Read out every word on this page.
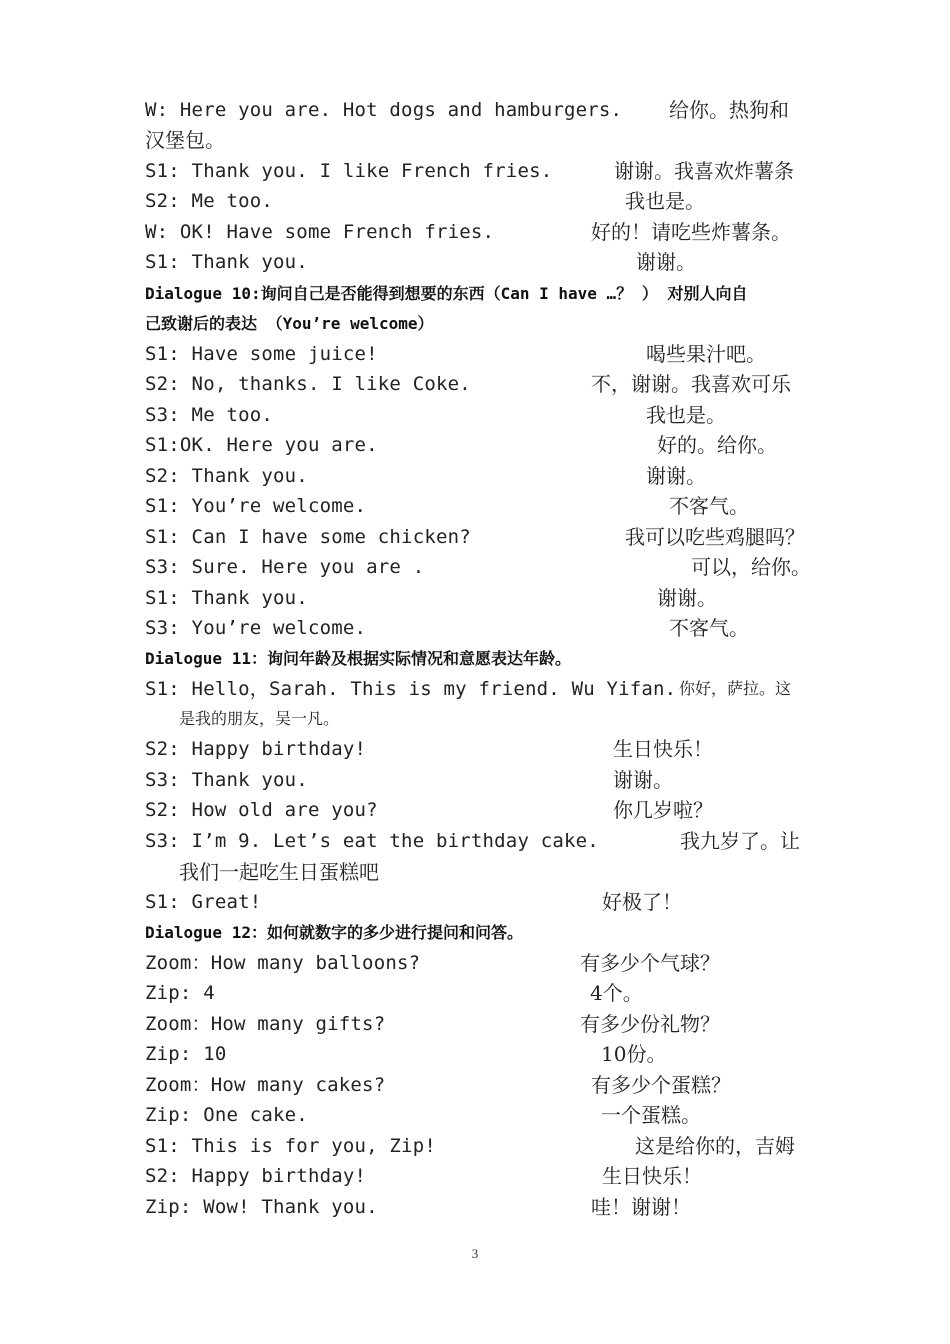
W: Here you are. Hot dogs and hamburgers. 给你。热狗和
汉堡包。
S1: Thank you. I like French fries.	谢谢。我喜欢炸薯条
S2: Me too.	我也是。
W: OK! Have some French fries.	好的！请吃些炸薯条。
S1: Thank you.	谢谢。
Dialogue 10:询问自己是否能得到想要的东西（Can I have …？ ） 对别人向自
己致谢后的表达 （You’re welcome）
S1: Have some juice!	喝些果汁吧。
S2: No, thanks. I like Coke.	不，谢谢。我喜欢可乐
S3: Me too.	我也是。
S1:OK. Here you are.	好的。给你。
S2: Thank you.	谢谢。
S1: You’re welcome.	不客气。
S1: Can I have some chicken?	我可以吃些鸡腿吗？
S3: Sure. Here you are .	可以，给你。
S1: Thank you.	谢谢。
S3: You’re welcome.	不客气。
Dialogue 11：询问年龄及根据实际情况和意愿表达年龄。
S1: Hello，Sarah. This is my friend. Wu Yifan. 你好，萨拉。这
是我的朋友，吴一凡。
S2: Happy birthday!	生日快乐！
S3: Thank you.	谢谢。
S2: How old are you?	你几岁啦？
S3: I’m 9. Let’s eat the birthday cake.	我九岁了。让
我们一起吃生日蛋糕吧
S1: Great!	好极了！
Dialogue 12：如何就数字的多少进行提问和问答。
Zoom：How many balloons?	有多少个气球？
Zip: 4	4个。
Zoom：How many gifts?	有多少份礼物？
Zip: 10	10份。
Zoom：How many cakes?	有多少个蛋糕？
Zip: One cake.	一个蛋糕。
S1: This is for you, Zip!	这是给你的，吉姆
S2: Happy birthday!	生日快乐！
Zip: Wow! Thank you.	哇！谢谢！
3
